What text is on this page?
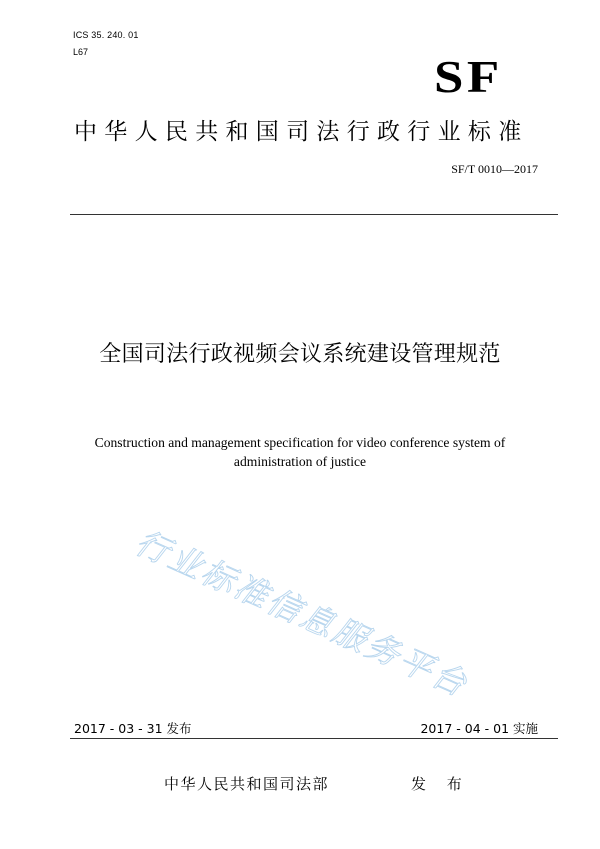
ICS 35. 240. 01
L67	SF
中华人民共和国司法行政行业标准
SF/T 0010—2017
全国司法行政视频会议系统建设管理规范
Construction and management specification for video conference system of
administration of justice
行业标准信息服务平台
2017 - 03 - 31 发布	2017 - 04 - 01 实施
中华人民共和国司法部	发 布
